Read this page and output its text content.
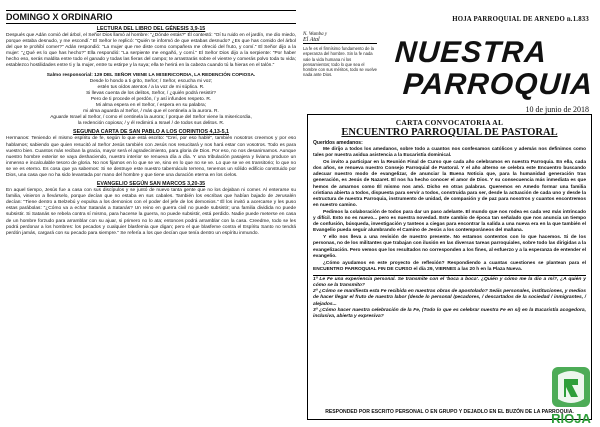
DOMINGO X ORDINARIO
LECTURA DEL LIBRO DEL GÉNESIS 3,9-15
Después que Adán comió del árbol, el Señor Dios llamó al hombre: "¿Dónde estás?" Él contestó: "Oí tu ruido en el jardín, me dio miedo, porque estaba desnudo, y me escondí." El Señor le replicó: "Quién te informó de que estabas desnudo? ¿Es que has comido del árbol del que te prohibí comer?" Adán respondió: "La mujer que me diste como compañera me ofreció del fruto, y comí." El Señor dijo a la mujer: "¿Qué es lo que has hecho?" Ella respondió: "La serpiente me engañó, y comí." El Señor Dios dijo a la serpiente: "Por haber hecho eso, serás maldita entre todo el ganado y todas las fieras del campo; te arrastrarás sobre el vientre y comerás polvo toda tu vida; establezco hostilidades entre ti y la mujer, entre tu estirpe y la suya; ella te herirá en la cabeza cuando tú la hieras en el talón."
Salmo responsorial: 129 DEL SEÑOR VIENE LA MISERICORDIA, LA REDENCIÓN COPIOSA.
Desde lo hondo a ti grito, Señor; / Señor, escucha mi voz;
estén tus oídos atentos / a la voz de mi súplica. R.
Si llevas cuenta de los delitos, Señor, / ¿quién podrá resistir?
Pero de ti procede el perdón, / y así infundes respeto. R.
Mi alma espera en el Señor, / espera en su palabra;
mi alma aguarda al Señor, / más que el centinela a la aurora. R.
Aguarde Israel al Señor, / como el centinela la aurora; / porque del Señor viene la misericordia,
la redención copiosa; / y él redimirá a Israel / de todos sus delitos. R.
SEGUNDA CARTA DE SAN PABLO A LOS CORINTIOS 4,13-5,1
Hermanos: Teniendo el mismo espíritu de fe, según lo que está escrito: "Creí, por eso hablé", también nosotros creemos y por eso hablamos; sabiendo que quien resucitó al Señor Jesús también con Jesús nos resucitará y nos hará estar con vosotros. Todo es para vuestro bien. Cuantos más reciban la gracia, mayor será el agradecimiento, para gloria de Dios. Por eso, no nos desanimamos. Aunque nuestro hombre exterior se vaya deshaciendo, nuestro interior se renueva día a día. Y una tribulación pasajera y liviana produce un inmenso e incalculable tesoro de gloria. No nos fijamos en lo que se ve, sino en lo que no se ve. Lo que se ve es transitorio; lo que no se ve es eterno. Es cosa que ya sabemos: Si se destruye este nuestro tabernáculo terreno, tenemos un sólido edificio construido por Dios, una casa que no ha sido levantada por mano del hombre y que tiene una duración eterna en los cielos.
EVANGELIO SEGÚN SAN MARCOS 3,20-35
En aquel tiempo, Jesús fue a casa con sus discípulos y se juntó de nuevo tanta gente que no los dejaban ni comer. Al enterarse su familia, vinieron a llevárselo, porque decían que no estaba en sus cabales. También los escribas que habían bajado de Jerusalén decían: "Tiene dentro a Belzebú y expulsa a los demonios con el poder del jefe de los demonios." Él los invitó a acercarse y les puso estas parábolas: "¿Cómo va a echar Satanás a Satanás? Un reino en guerra civil no puede subsistir; una familia dividida no puede subsistir. Si Satanás se rebela contra sí mismo, para hacerse la guerra, no puede subsistir, está perdido. Nadie puede meterse en casa de un hombre forzudo para arramblar con su ajuar, si primero no lo ata; entonces podrá arramblar con la casa. Creedme, todo se les podrá perdonar a los hombres: los pecados y cualquier blasfemia que digan; pero el que blasfeme contra el Espíritu Santo no tendrá perdón jamás, cargará con su pecado para siempre." Se refería a los que decían que tenía dentro un espíritu inmundo.
N. Wamba y
El Atal
La fe es el firmísimo fundamento de la esperanza del hombre. Sin la fe nada vale la vida humana ni los pensamientos; todo lo que sea el hombre con sus méritos, todo se vuelve nada ante Dios.
HOJA PARROQUIAL DE ARNEDO n.1.833
NUESTRA
PARROQUIA
10 de junio de 2018
CARTA CONVOCATORIA AL
ENCUENTRO PARROQUIAL DE PASTORAL
Queridos amedanos:
Me dirijo a todos los amedanos, sobre todo a cuantos nos confesamos católicos y además nos definimos como tales por nuestra asidua asistencia a la Eucaristía dominical.
Os invito a participar en la Reunión Final de Curso que cada año celebramos en nuestra Parroquia. En ella, cada dos años, se renueva nuestro Consejo Parroquial de Pastoral. Y el año alterno se celebra este Encuentro buscando adecuar nuestro modo de evangelizar, de anunciar la Buena Noticia que, para la humanidad generación tras generación, es Jesús de Nazaret. El nos ha hecho conocer el amor de Dios. Y su consecuencia más inmediata es que hemos de amarnos como Él mismo nos amó. Dicho en otras palabras. Queremos en Amedo formar una familia cristiana abierta a todos, dispuesta para servir a todos, construida para ser, desde la actuación de cada uno y desde la estructura de nuestra Parroquia, instrumento de unidad, de compasión y de paz para nosotros y cuantos encontremos en nuestro camino.
Pedimos la colaboración de todos para dar un paso adelante. El mundo que nos rodea es cada vez más intrincado y difícil. Esto no es nuevo... pero es nuestra novedad. Este cambio de época tan señalado que nos anuncia un tiempo de confusión, búsqueda, investigación y tanteos a ciegas para encontrar la salida a una nueva era en la que también el Evangelio pueda seguir alumbrando el Camino de Jesús a los contemporáneos del mañana.
Y ello nos lleva a una revisión de nuestro presente. No estamos contentos con lo que hacemos. Si de los personas, no de los militantes que trabajan con ilusión en las diversas tareas parroquiales, sobre todo las dirigidas a la evangelización. Pero vemos que los resultados no corresponden a los fines, al esfuerzo y a la esperanza de entender el evangelio.
¿Cómo ayudamos en este proyecto de reflexión? Respondiendo a cuantas cuestiones se plantean para el ENCUENTRO PARROQUIAL FIN DE CURSO el día 29, VIERNES a las 20 h en la Plaza Nueva.
1ª Le Fe una experiencia personal. Se transmite con el 'boca a boca'. ¿Quién y cómo me la dio a mí?, ¿A quién y cómo se la transmito?
2ª ¿Cómo se manifiesta esta Fe recibida en nuestras obras de apostolado? Seáis personales, instituciones, y medios de hacer llegar el fruto de nuestra labor (desde lo personal /pecadores, / descartados de la sociedad / inmigrantes, / alejados...
3ª ¿Cómo hacer nuestra celebración de la Fe, (Todo lo que es celebrar nuestra Fe en sí) en la Eucaristía acogedora, inclusiva, abierta y expresiva?
RESPONDED POR ESCRITO PERSONAL O EN GRUPO Y DEJADLO EN EL BUZÓN DE LA PARROQUIA.
RIOJA
